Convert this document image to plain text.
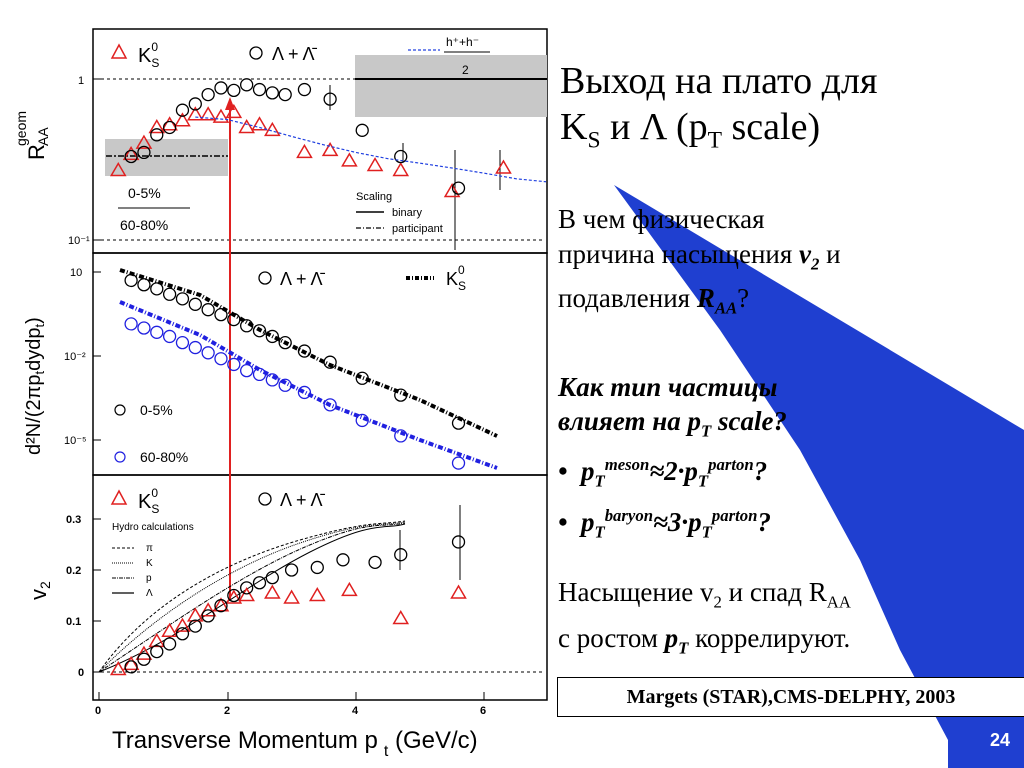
1
10⁻¹
10
10⁻²
10⁻⁵
0.3
0.2
0.1
0
0	2	4	6
R
geom AA
d²N/$(2\pi p_tdydp_t)$
v2
Transverse Momentum p $_t$ (GeV/c)
$K_S0$	Λ + Λ̄
h⁺+h⁻
2
Scaling
binary
participant
0-5%
60-80%
Λ + Λ̄	$K_S0$
0-5%
60-80%
$K_S0$	Λ + Λ̄
Hydro calculations
π
K
p
Λ
Выход на плато для
$K_S$ и Λ ($p_T$ scale)
В чем физическая
причина насыщения $v_2$ и
подавления $R_{AA}$?
Как тип частицы
влияет на $p_T$ scale?
•  $p_T^{meson}\approx 2\cdot p_T^{parton}$?
•  $p_T^{baryon}\approx 3\cdot p_T^{parton}$?
Насыщение $v_2$ и спад $R_{AA}$
с ростом $p_T$ коррелируют.
Margets (STAR),CMS-DELPHY, 2003
24
